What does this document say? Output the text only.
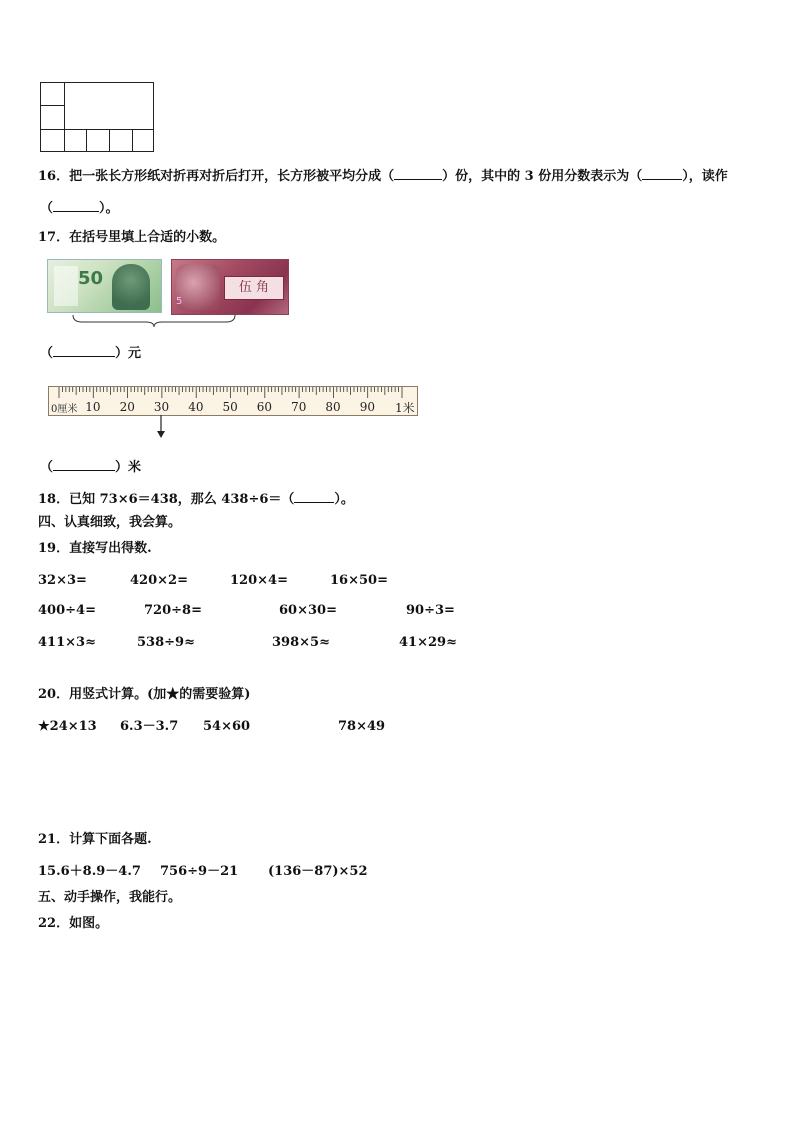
16．把一张长方形纸对折再对折后打开，长方形被平均分成（	）份，其中的 3 份用分数表示为（	），读作
（	）。
17．在括号里填上合适的小数。
50
5
伍 角
（	）元
0厘米 10 20 30 40 50 60 70 80 90 1米
（	）米
18．已知 73×6＝438，那么 438÷6＝（	）。
四、认真细致，我会算。
19．直接写出得数.
32×3=	420×2=	120×4=	16×50=
400÷4=	720÷8=	60×30=	90÷3=
411×3≈	538÷9≈	398×5≈	41×29≈
20．用竖式计算。(加★的需要验算)
★24×13 6.3－3.7 54×60	78×49
21．计算下面各题.
15.6＋8.9－4.7 756÷9－21 (136－87)×52
五、动手操作，我能行。
22．如图。
